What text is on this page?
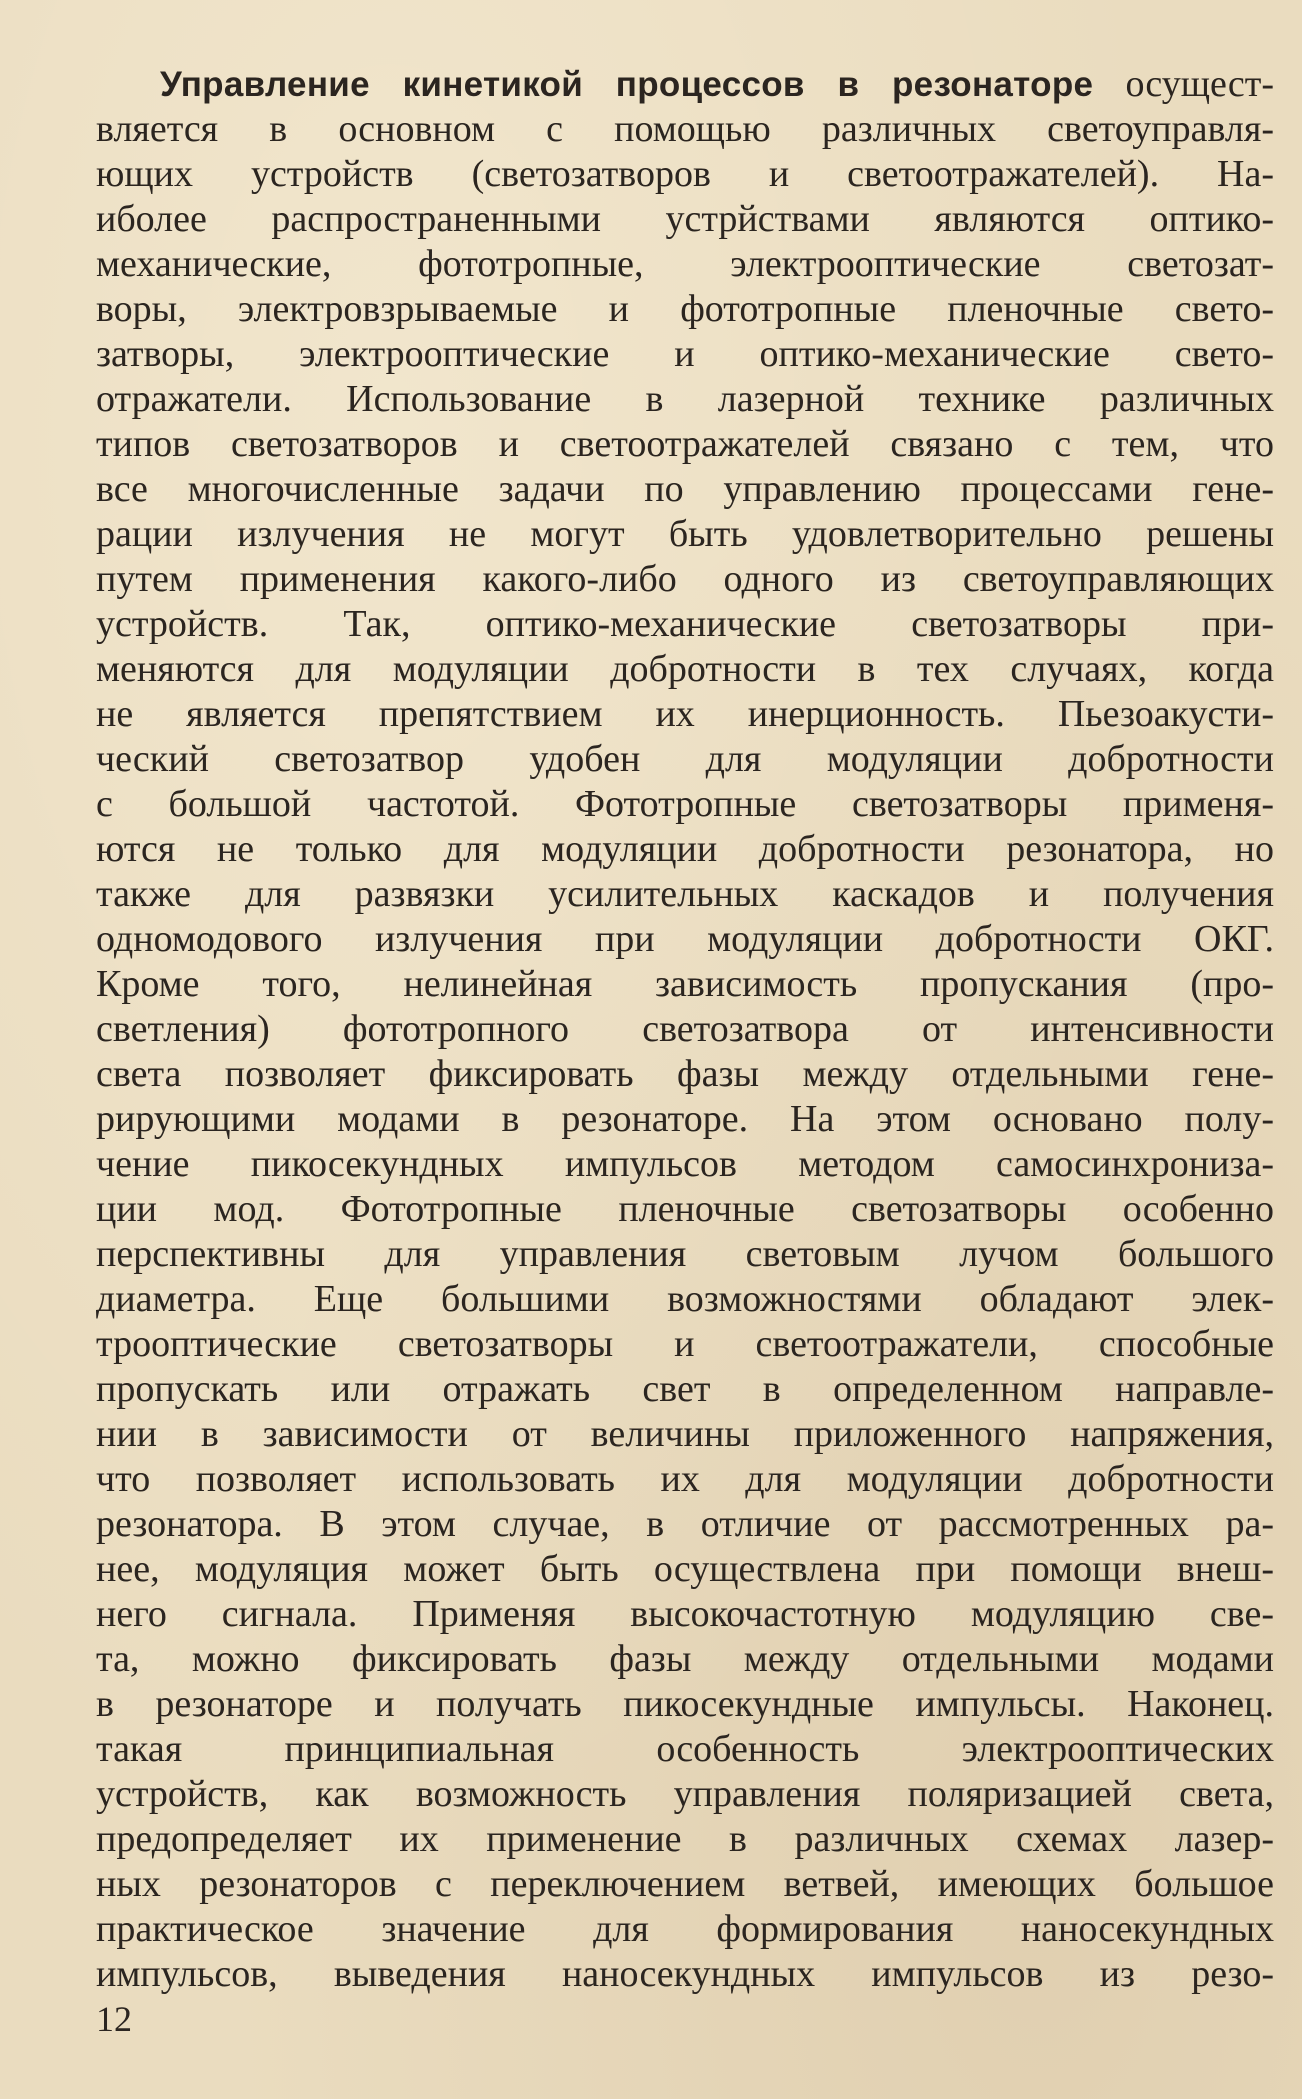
Управление кинетикой процессов в резонаторе осущест-
вляется в основном с помощью различных светоуправля-
ющих устройств (светозатворов и светоотражателей). На-
иболее распространенными устрйствами являются оптико-
механические, фототропные, электрооптические светозат-
воры, электровзрываемые и фототропные пленочные свето-
затворы, электрооптические и оптико-механические свето-
отражатели. Использование в лазерной технике различных
типов светозатворов и светоотражателей связано с тем, что
все многочисленные задачи по управлению процессами гене-
рации излучения не могут быть удовлетворительно решены
путем применения какого-либо одного из светоуправляющих
устройств. Так, оптико-механические светозатворы при-
меняются для модуляции добротности в тех случаях, когда
не является препятствием их инерционность. Пьезоакусти-
ческий светозатвор удобен для модуляции добротности
с большой частотой. Фототропные светозатворы применя-
ются не только для модуляции добротности резонатора, но
также для развязки усилительных каскадов и получения
одномодового излучения при модуляции добротности ОКГ.
Кроме того, нелинейная зависимость пропускания (про-
светления) фототропного светозатвора от интенсивности
света позволяет фиксировать фазы между отдельными гене-
рирующими модами в резонаторе. На этом основано полу-
чение пикосекундных импульсов методом самосинхрониза-
ции мод. Фототропные пленочные светозатворы особенно
перспективны для управления световым лучом большого
диаметра. Еще большими возможностями обладают элек-
трооптические светозатворы и светоотражатели, способные
пропускать или отражать свет в определенном направле-
нии в зависимости от величины приложенного напряжения,
что позволяет использовать их для модуляции добротности
резонатора. В этом случае, в отличие от рассмотренных ра-
нее, модуляция может быть осуществлена при помощи внеш-
него сигнала. Применяя высокочастотную модуляцию све-
та, можно фиксировать фазы между отдельными модами
в резонаторе и получать пикосекундные импульсы. Наконец.
такая принципиальная особенность электрооптических
устройств, как возможность управления поляризацией света,
предопределяет их применение в различных схемах лазер-
ных резонаторов с переключением ветвей, имеющих большое
практическое значение для формирования наносекундных
импульсов, выведения наносекундных импульсов из резо-
12
